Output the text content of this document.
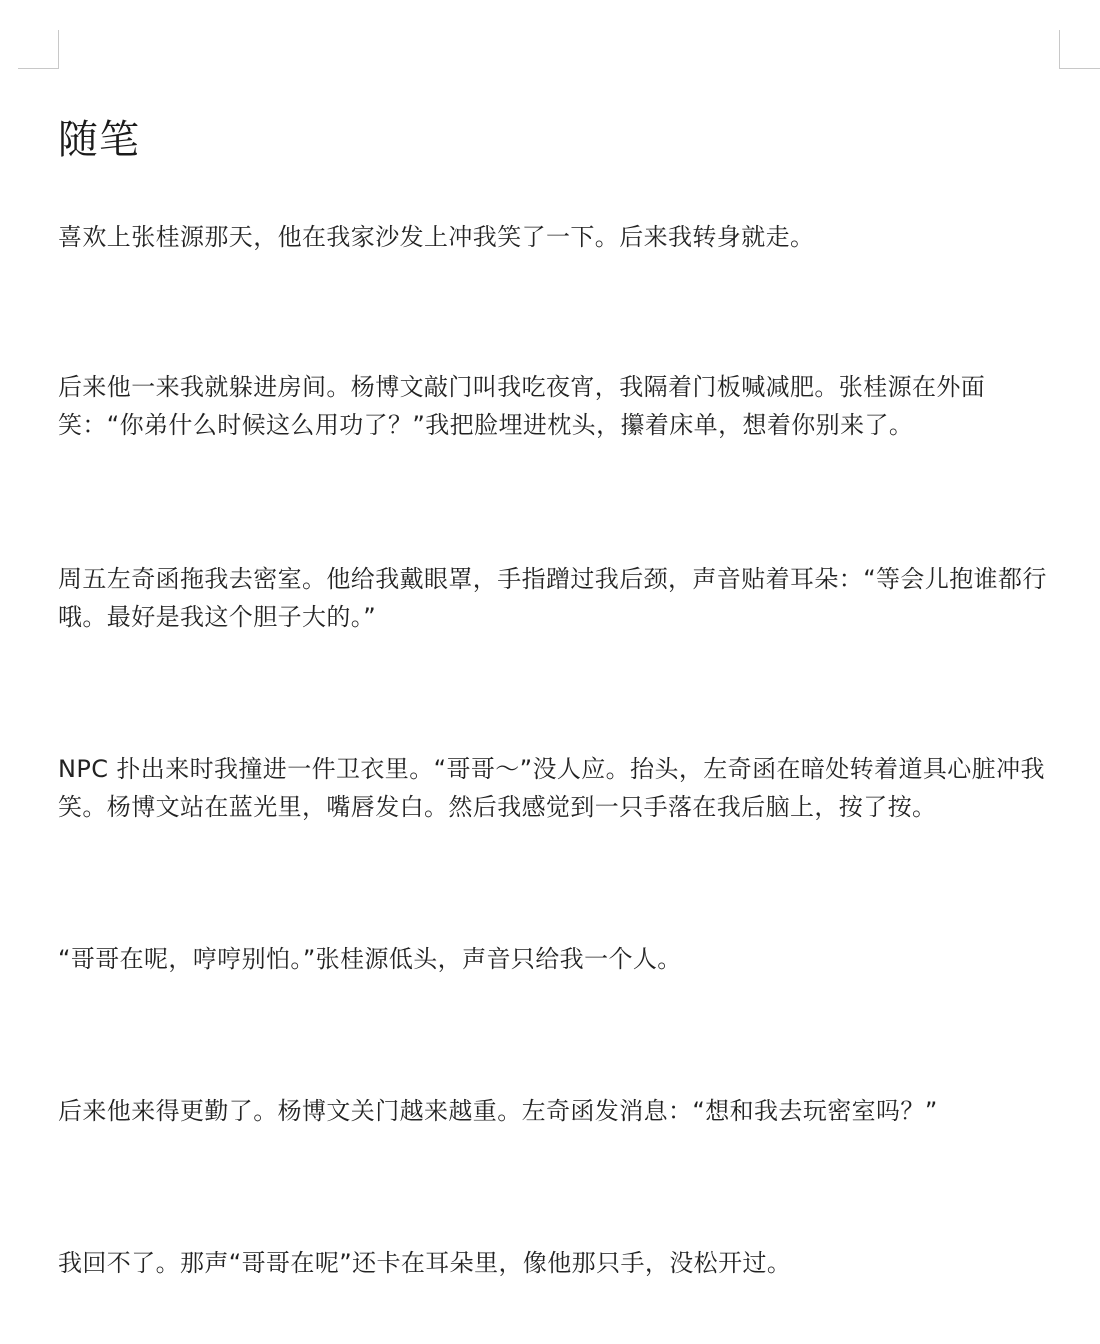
随笔

喜欢上张桂源那天，他在我家沙发上冲我笑了一下。后来我转身就走。

后来他一来我就躲进房间。杨博文敲门叫我吃夜宵，我隔着门板喊减肥。张桂源在外面笑：“你弟什么时候这么用功了？”我把脸埋进枕头，攥着床单，想着你别来了。

周五左奇函拖我去密室。他给我戴眼罩，手指蹭过我后颈，声音贴着耳朵：“等会儿抱谁都行哦。最好是我这个胆子大的。”

NPC 扑出来时我撞进一件卫衣里。“哥哥～”没人应。抬头，左奇函在暗处转着道具心脏冲我笑。杨博文站在蓝光里，嘴唇发白。然后我感觉到一只手落在我后脑上，按了按。

“哥哥在呢，哼哼别怕。”张桂源低头，声音只给我一个人。

后来他来得更勤了。杨博文关门越来越重。左奇函发消息：“想和我去玩密室吗？”

我回不了。那声“哥哥在呢”还卡在耳朵里，像他那只手，没松开过。
